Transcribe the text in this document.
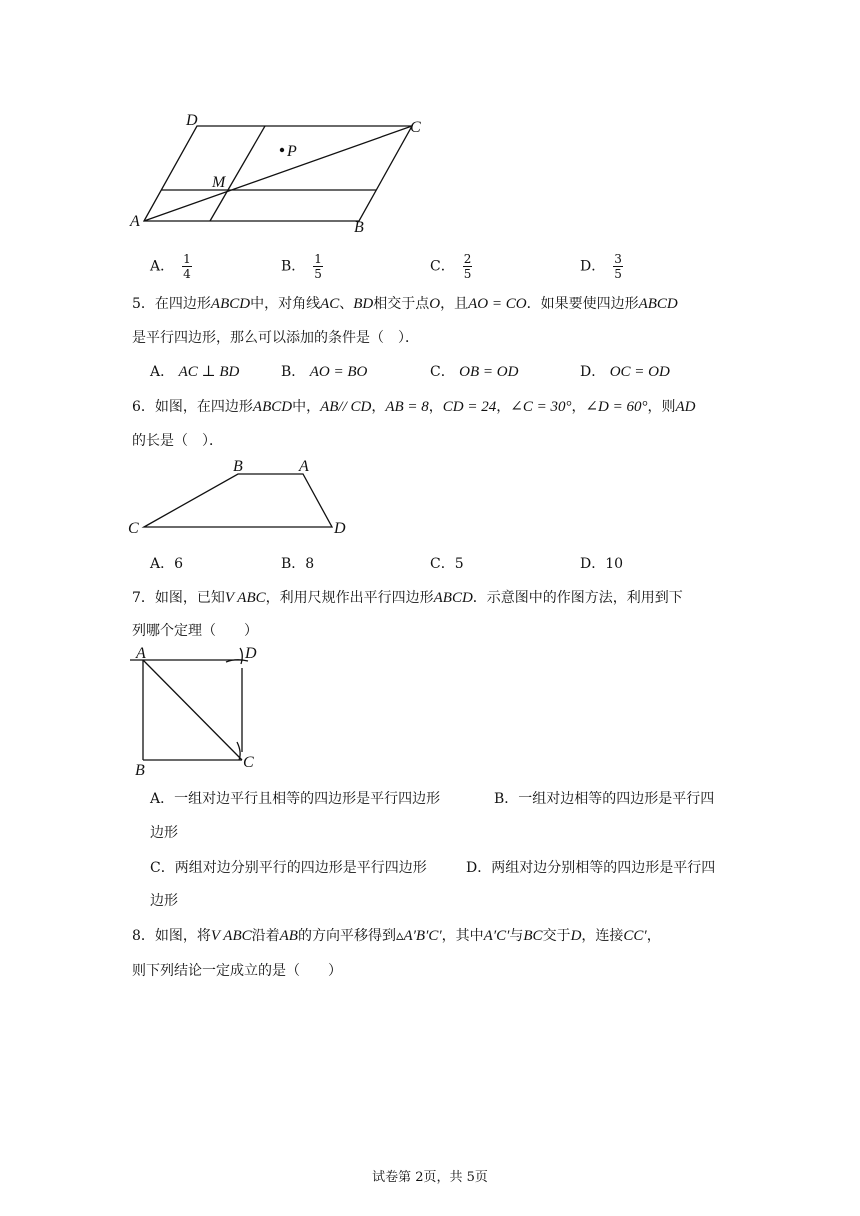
D	C
P
M
A	B
A． $\frac{1}{4}$	B． $\frac{1}{5}$	C． $\frac{2}{5}$	D． $\frac{3}{5}$
5．在四边形ABCD中，对角线AC、BD相交于点O，且AO = CO．如果要使四边形ABCD
是平行四边形，那么可以添加的条件是（　）．
A． AC ⊥ BD	B． AO = BO	C． OB = OD	D． OC = OD
6．如图，在四边形ABCD中，AB// CD，AB = 8，CD = 24，∠C = 30°，∠D = 60°，则AD
的长是（　）．
B	A
C	D
A．6	B．8	C．5	D．10
7．如图，已知V ABC，利用尺规作出平行四边形ABCD．示意图中的作图方法，利用到下
列哪个定理（　　）
A	D
B	C
A．一组对边平行且相等的四边形是平行四边形	B．一组对边相等的四边形是平行四
边形
C．两组对边分别平行的四边形是平行四边形	D．两组对边分别相等的四边形是平行四
边形
8．如图，将V ABC沿着AB的方向平移得到▵A′B′C′，其中A′C′与BC交于D，连接CC′，
则下列结论一定成立的是（　　）
试卷第 2页，共 5页
